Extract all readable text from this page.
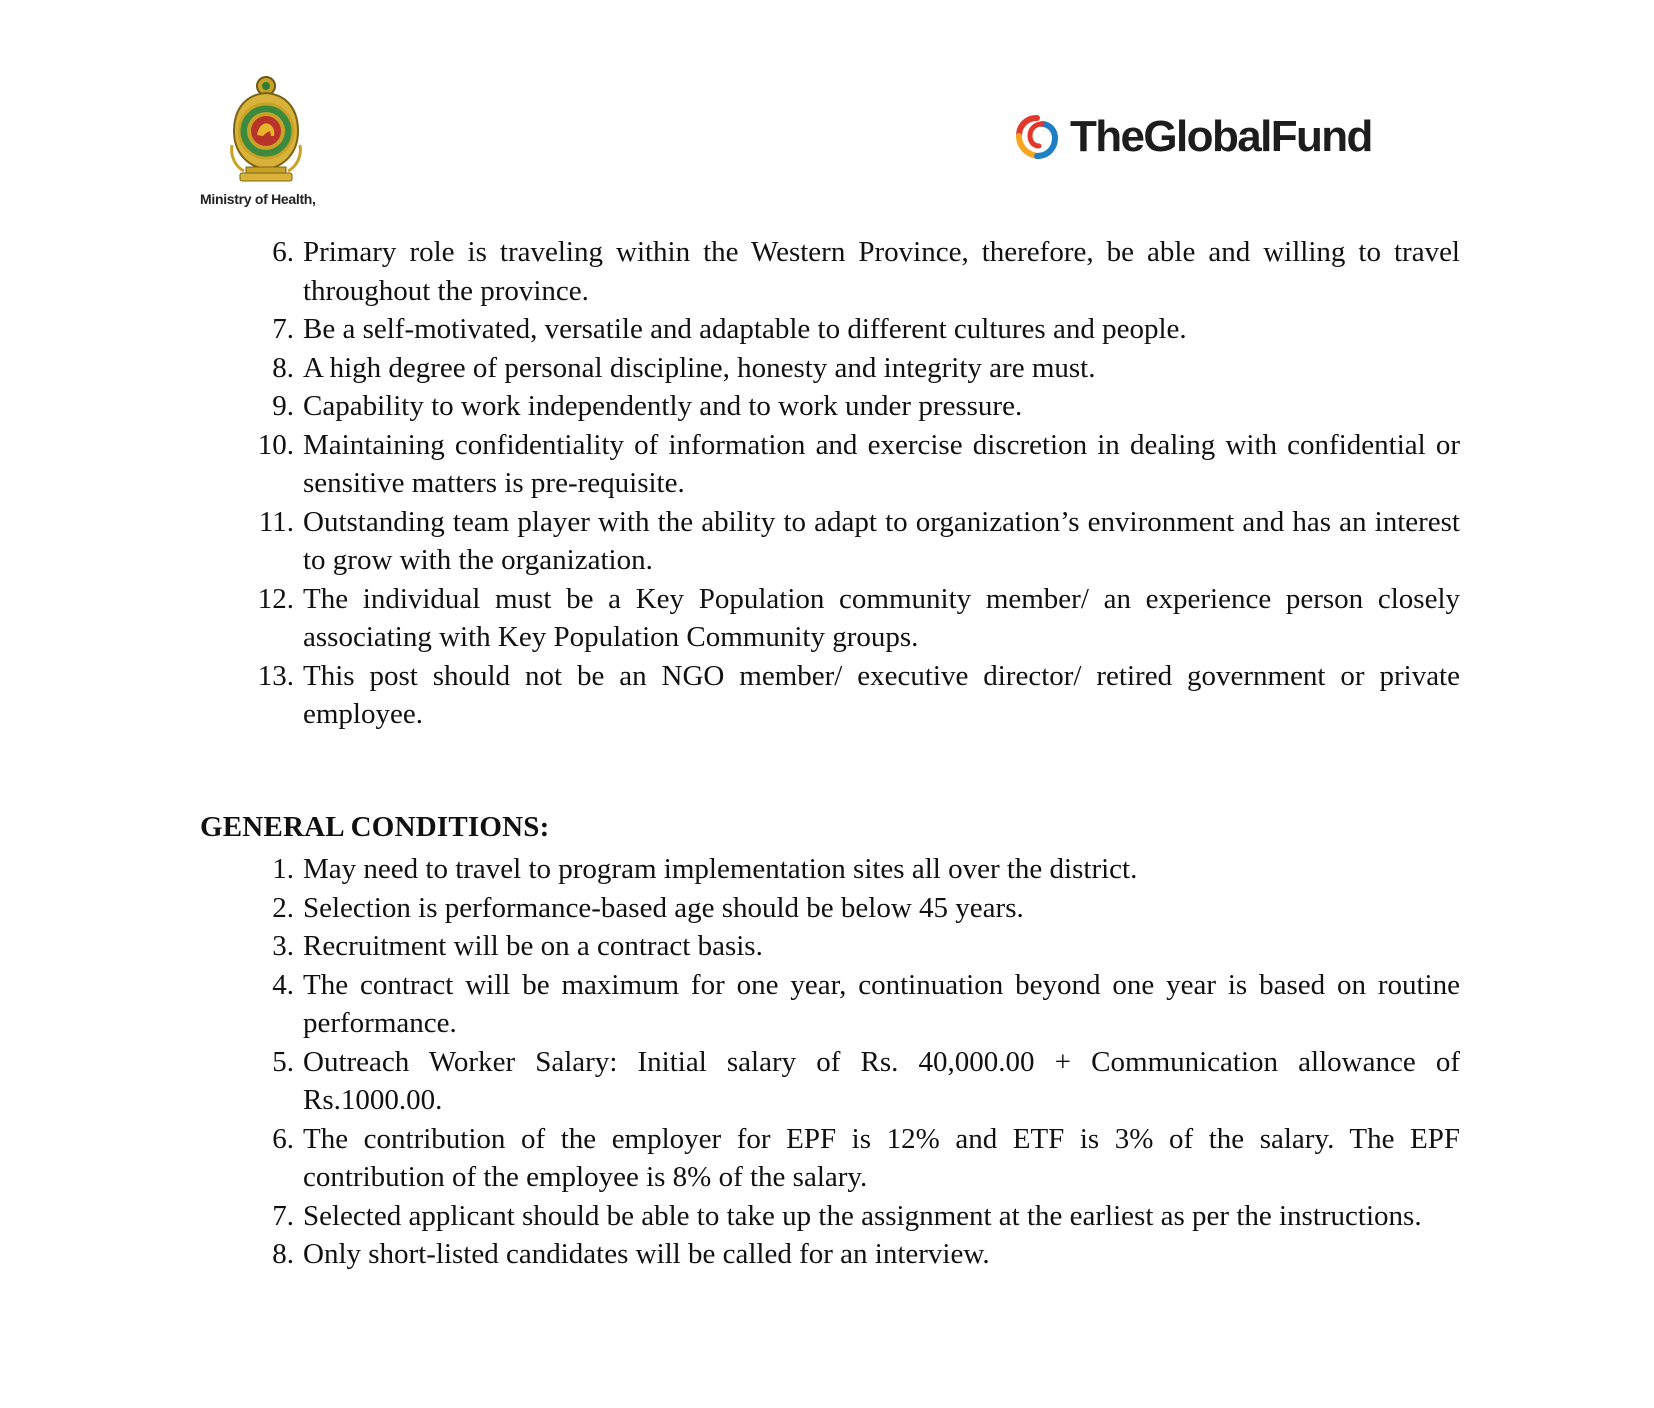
Ministry of Health,
TheGlobalFund
6. Primary role is traveling within the Western Province, therefore, be able and willing to travel throughout the province.
7. Be a self-motivated, versatile and adaptable to different cultures and people.
8. A high degree of personal discipline, honesty and integrity are must.
9. Capability to work independently and to work under pressure.
10. Maintaining confidentiality of information and exercise discretion in dealing with confidential or sensitive matters is pre-requisite.
11. Outstanding team player with the ability to adapt to organization’s environment and has an interest to grow with the organization.
12. The individual must be a Key Population community member/ an experience person closely associating with Key Population Community groups.
13. This post should not be an NGO member/ executive director/ retired government or private employee.
GENERAL CONDITIONS:
1. May need to travel to program implementation sites all over the district.
2. Selection is performance-based age should be below 45 years.
3. Recruitment will be on a contract basis.
4. The contract will be maximum for one year, continuation beyond one year is based on routine performance.
5. Outreach Worker Salary: Initial salary of Rs. 40,000.00 + Communication allowance of Rs.1000.00.
6. The contribution of the employer for EPF is 12% and ETF is 3% of the salary. The EPF contribution of the employee is 8% of the salary.
7. Selected applicant should be able to take up the assignment at the earliest as per the instructions.
8. Only short-listed candidates will be called for an interview.
